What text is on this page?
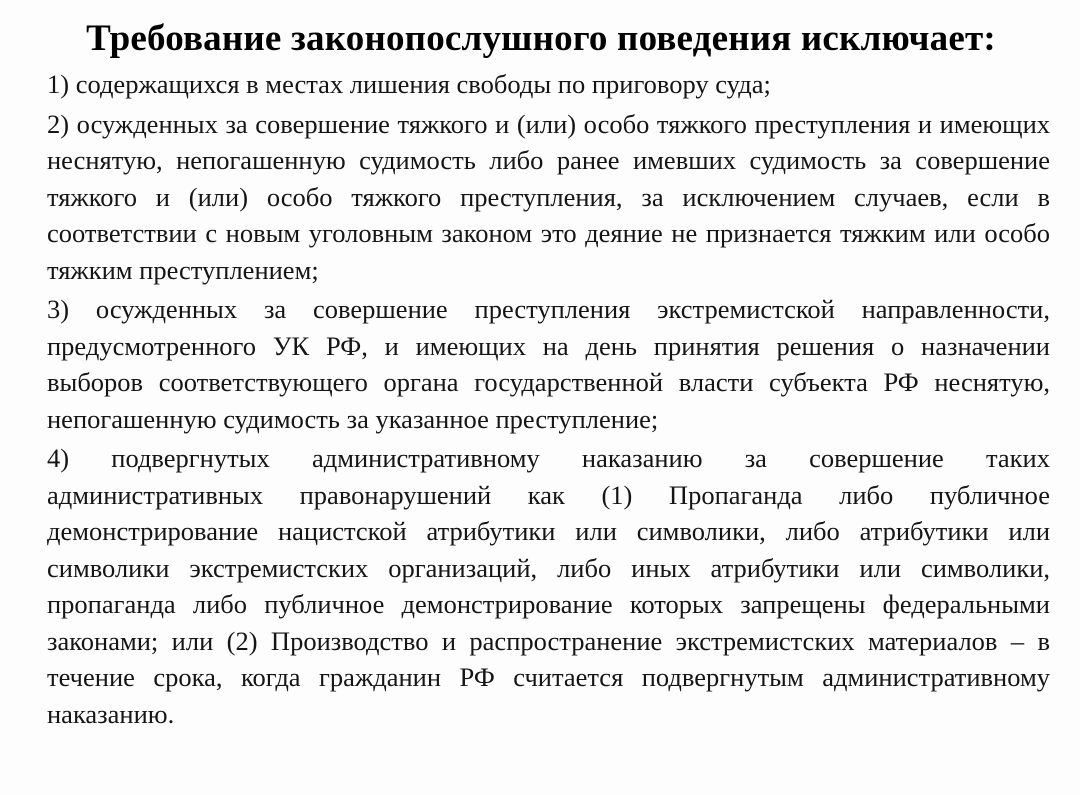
Требование законопослушного поведения исключает:

1) содержащихся в местах лишения свободы по приговору суда;

2) осужденных за совершение тяжкого и (или) особо тяжкого преступления и имеющих неснятую, непогашенную судимость либо ранее имевших судимость за совершение тяжкого и (или) особо тяжкого преступления, за исключением случаев, если в соответствии с новым уголовным законом это деяние не признается тяжким или особо тяжким преступлением;

3) осужденных за совершение преступления экстремистской направленности, предусмотренного УК РФ, и имеющих на день принятия решения о назначении выборов соответствующего органа государственной власти субъекта РФ неснятую, непогашенную судимость за указанное преступление;

4) подвергнутых административному наказанию за совершение таких административных правонарушений как (1) Пропаганда либо публичное демонстрирование нацистской атрибутики или символики, либо атрибутики или символики экстремистских организаций, либо иных атрибутики или символики, пропаганда либо публичное демонстрирование которых запрещены федеральными законами; или (2) Производство и распространение экстремистских материалов – в течение срока, когда гражданин РФ считается подвергнутым административному наказанию.
